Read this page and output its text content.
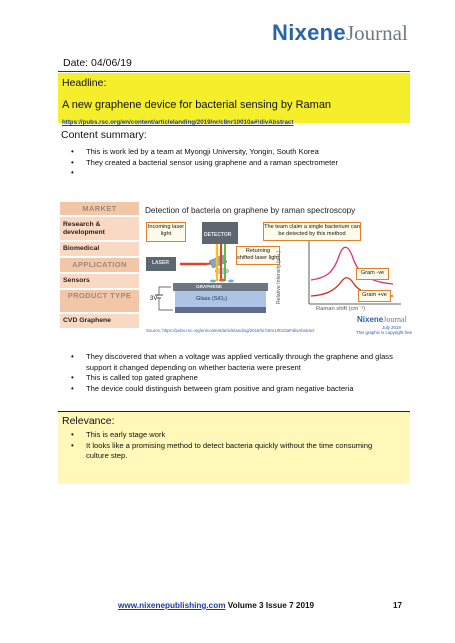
NixeneJournal
Date: 04/06/19
Headline:
A new graphene device for bacterial sensing by Raman
https://pubs.rsc.org/en/content/articlelanding/2019/nr/c8nr10010a#!divAbstract
Content summary:
• This is work led by a team at Myongji University, Yongin, South Korea
• They created a bacterial sensor using graphene and a raman spectrometer
•
MARKET
Research & development
Biomedical
APPLICATION
Sensors
PRODUCT TYPE
CVD Graphene
Detection of bacteria on graphene by raman spectroscopy
Incoming laser light	DETECTOR
The team claim a single bacterium can be detected by this method
Returning shifted laser light
LASER
GRAPHENE
Glass (SiO₂)
3V	Relative Intensity (a.u.)
Raman shift (cm⁻¹)
Gram -ve
Gram +ve
NixeneJournal
July 2019
This graphic is copyright free
Source: https://pubs.rsc.org/en/content/articlelanding/2019/nr/c8nr10010a#!divAbstract
• They discovered that when a voltage was applied vertically through the graphene and glass support it changed depending on whether bacteria were present
• This is called top gated graphene
• The device could distinguish between gram positive and gram negative bacteria
Relevance:
• This is early stage work
• It looks like a promising method to detect bacteria quickly without the time consuming culture step.
www.nixenepublishing.com Volume 3 Issue 7 2019	17
